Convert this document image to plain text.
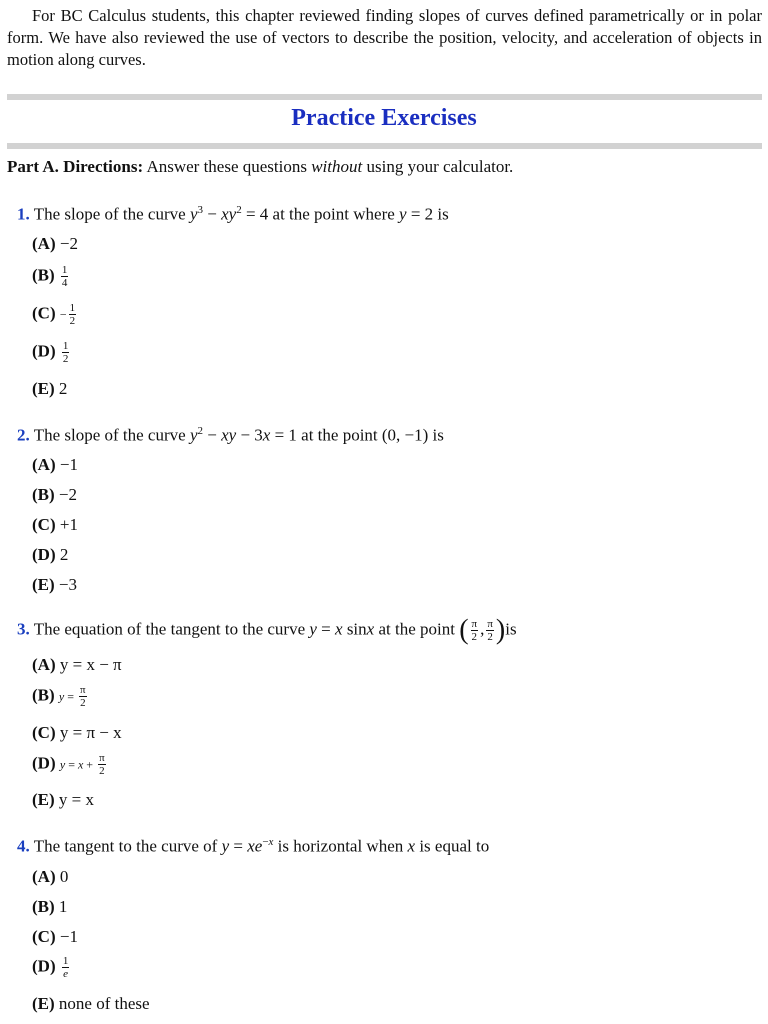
For BC Calculus students, this chapter reviewed finding slopes of curves defined parametrically or in polar form. We have also reviewed the use of vectors to describe the position, velocity, and acceleration of objects in motion along curves.
Practice Exercises
Part A. Directions: Answer these questions without using your calculator.
1. The slope of the curve $y^3 - xy^2 = 4$ at the point where y = 2 is
(A) −2
$(B) \frac{1}{4}$
$(C) - \frac{1}{2}$
$(D) \frac{1}{2}$
(E) 2
2. The slope of the curve $y^2$ − xy − 3x = 1 at the point (0, −1) is
(A) −1
(B) −2
(C) +1
(D) 2
(E) −3
3. The equation of the tangent to the curve y = x sinx at the point ( $\frac{\pi}{2}$ , $\frac{\pi}{2} )is$
(A) y = x − π
(B) $y = \frac{\pi}{2}$
(C) y = π − x
(D) $y = x + \frac{\pi}{2}$
(E) y = x
4. The tangent to the curve of $y = xe^{-x}$ is horizontal when x is equal to
(A) 0
(B) 1
(C) −1
$(D) \frac{1}{e}$
(E) none of these
